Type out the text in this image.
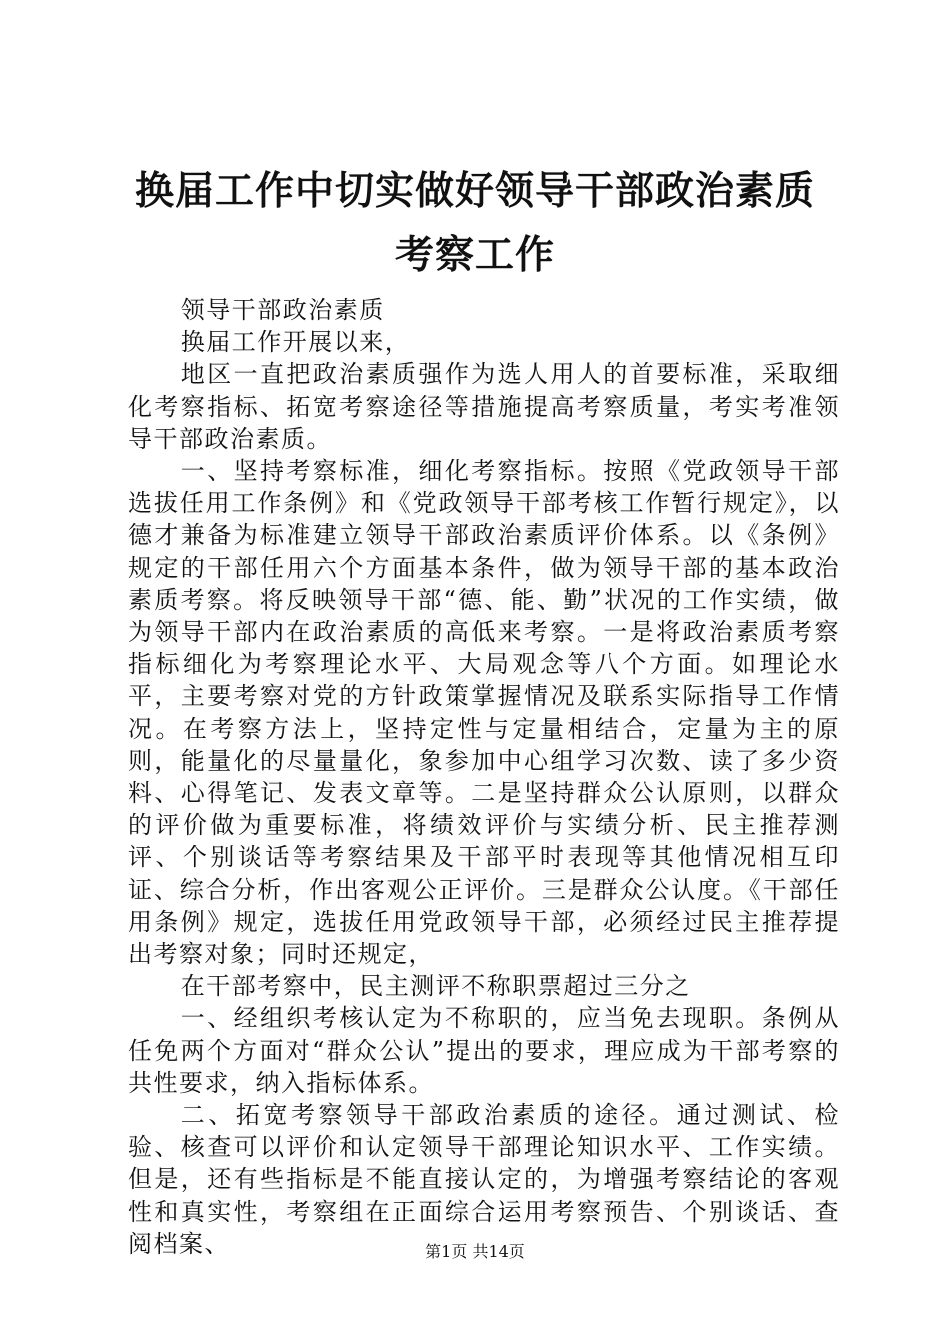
换届工作中切实做好领导干部政治素质考察工作

领导干部政治素质

换届工作开展以来，

地区一直把政治素质强作为选人用人的首要标准，采取细化考察指标、拓宽考察途径等措施提高考察质量，考实考准领导干部政治素质。

一、坚持考察标准，细化考察指标。按照《党政领导干部选拔任用工作条例》和《党政领导干部考核工作暂行规定》，以德才兼备为标准建立领导干部政治素质评价体系。以《条例》规定的干部任用六个方面基本条件，做为领导干部的基本政治素质考察。将反映领导干部“德、能、勤”状况的工作实绩，做为领导干部内在政治素质的高低来考察。一是将政治素质考察指标细化为考察理论水平、大局观念等八个方面。如理论水平，主要考察对党的方针政策掌握情况及联系实际指导工作情况。在考察方法上，坚持定性与定量相结合，定量为主的原则，能量化的尽量量化，象参加中心组学习次数、读了多少资料、心得笔记、发表文章等。二是坚持群众公认原则，以群众的评价做为重要标准，将绩效评价与实绩分析、民主推荐测评、个别谈话等考察结果及干部平时表现等其他情况相互印证、综合分析，作出客观公正评价。三是群众公认度。《干部任用条例》规定，选拔任用党政领导干部，必须经过民主推荐提出考察对象；同时还规定，

在干部考察中，民主测评不称职票超过三分之

一、经组织考核认定为不称职的，应当免去现职。条例从任免两个方面对“群众公认”提出的要求，理应成为干部考察的共性要求，纳入指标体系。

二、拓宽考察领导干部政治素质的途径。通过测试、检验、核查可以评价和认定领导干部理论知识水平、工作实绩。但是，还有些指标是不能直接认定的，为增强考察结论的客观性和真实性，考察组在正面综合运用考察预告、个别谈话、查阅档案、	第1页 共14页
